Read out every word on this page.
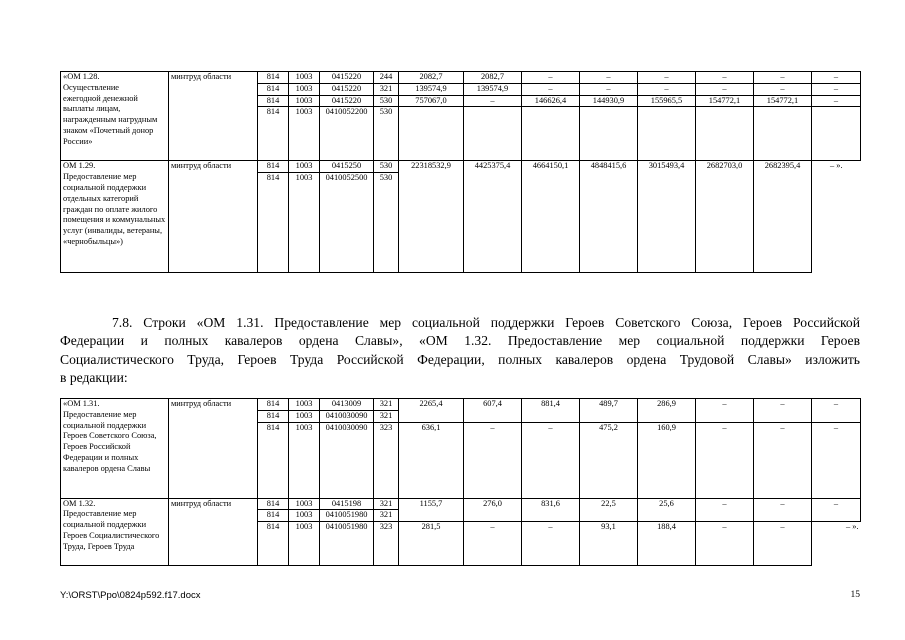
«ОМ 1.28.
Осуществление
ежегодной денежной
выплаты лицам, награжденным нагрудным знаком «Почетный донор России»	минтруд области	814	1003	0415220	244	2082,7	2082,7	–	–	–	–	–	–
		814	1003	0415220	321	139574,9	139574,9	–	–	–	–	–	–
		814	1003	0415220	530	757067,0	–	146626,4	144930,9	155965,5	154772,1	154772,1	–
		814	1003	0410052200	530								
ОМ 1.29.
Предоставление мер социальной поддержки отдельных категорий граждан по оплате жилого помещения и коммунальных услуг (инвалиды, ветераны, «чернобыльцы»)	минтруд области	814	1003	0415250	530	22318532,9	4425375,4	4664150,1	4848415,6	3015493,4	2682703,0	2682395,4	– ».
		814	1003	0410052500	530								
7.8. Строки «ОМ 1.31. Предоставление мер социальной поддержки Героев Советского Союза, Героев Российской
Федерации и полных кавалеров ордена Славы», «ОМ 1.32. Предоставление мер социальной поддержки Героев
Социалистического Труда, Героев Труда Российской Федерации, полных кавалеров ордена Трудовой Славы» изложить
в редакции:
«ОМ 1.31.
Предоставление мер
социальной поддержки Героев Советского Союза, Героев Российской Федерации и полных кавалеров ордена Славы	минтруд области	814	1003	0413009	321	2265,4	607,4	881,4	489,7	286,9	–	–	–
		814	1003	0410030090	321								
		814	1003	0410030090	323	636,1	–	–	475,2	160,9	–	–	–
ОМ 1.32.
Предоставление мер
социальной поддержки Героев Социалистического Труда, Героев Труда	минтруд области	814	1003	0415198	321	1155,7	276,0	831,6	22,5	25,6	–	–	–
		814	1003	0410051980	321								
		814	1003	0410051980	323	281,5	–	–	93,1	188,4	–	–	– ».
Y:\ORST\Ppo\0824p592.f17.docx	15
